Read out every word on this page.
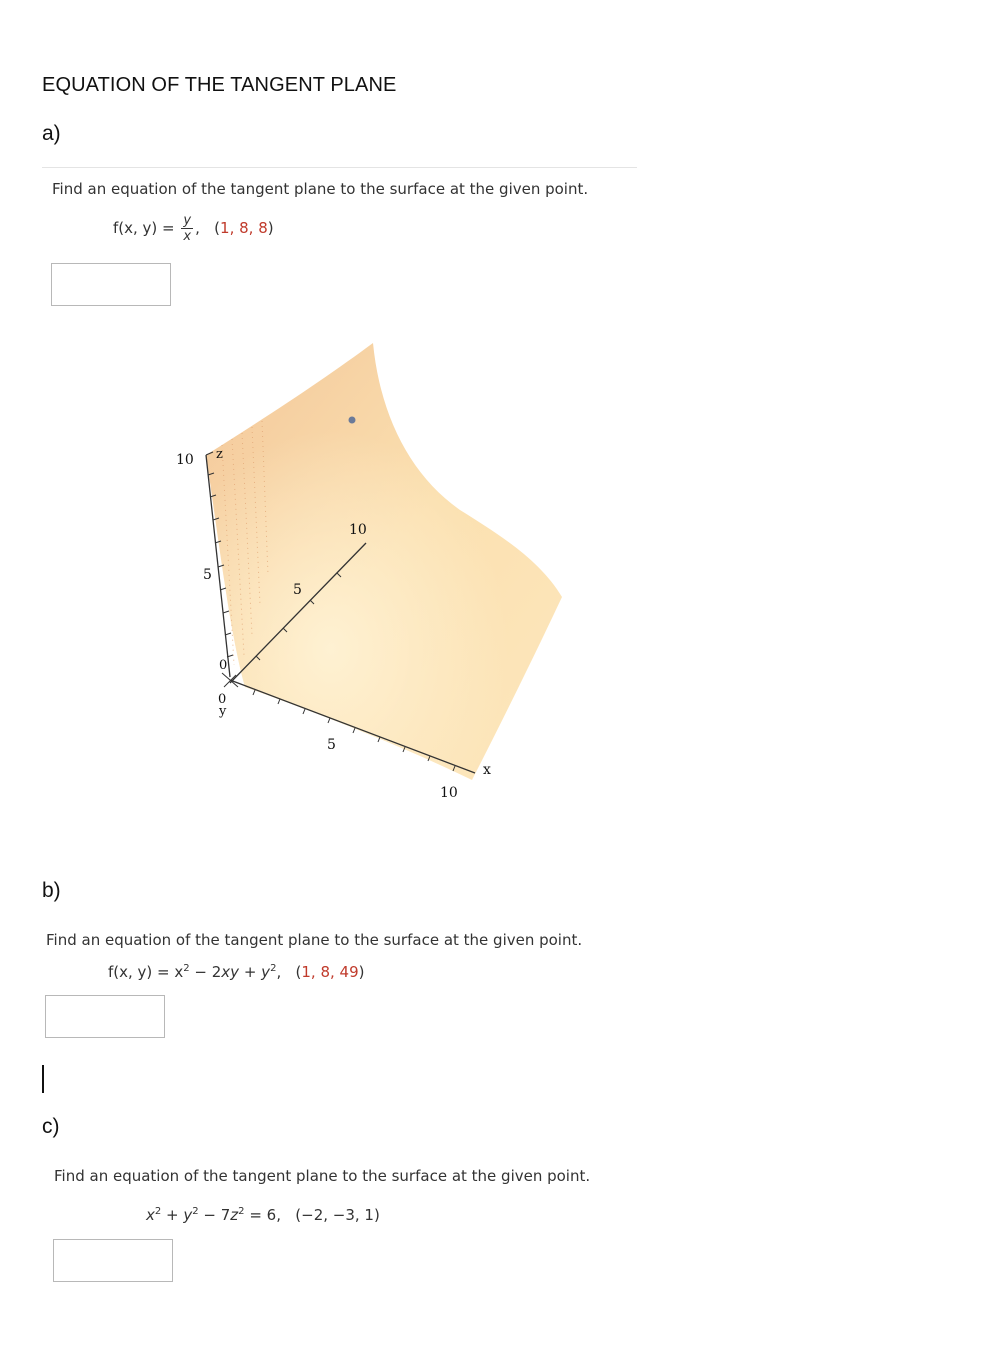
EQUATION OF THE TANGENT PLANE
a)
Find an equation of the tangent plane to the surface at the given point.
f(x, $y) = \frac{y}{x}$ ,   (1, 8, 8)
10 z
5
0
0
y
5
10
5
10
x
b)
Find an equation of the tangent plane to the surface at the given point.
f(x, $y) = x^2 - 2xy + y^2$,   (1, 8, 49)
c)
Find an equation of the tangent plane to the surface at the given point.
$x^2 + y^2 - 7z^2 = 6$,   (−2, −3, 1)
